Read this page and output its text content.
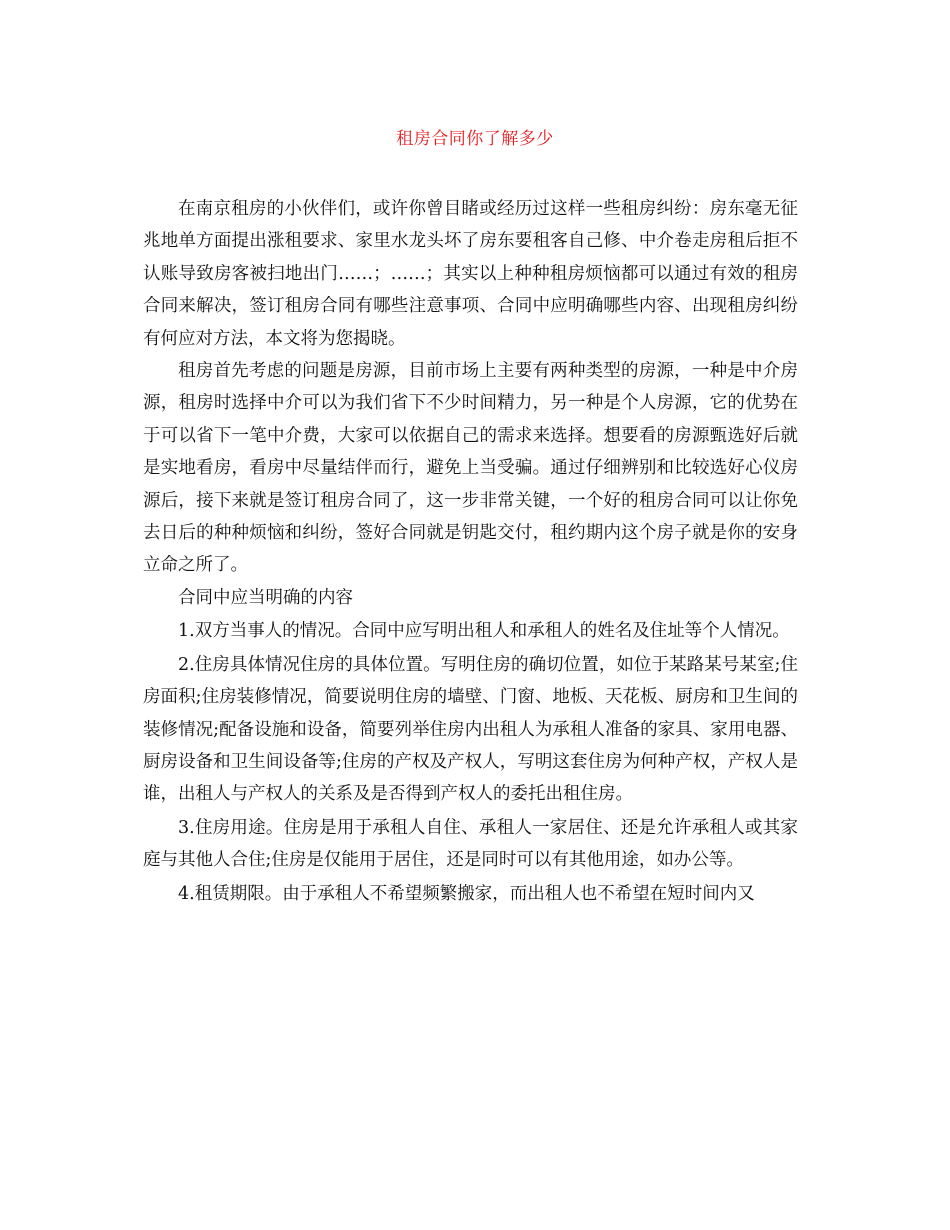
租房合同你了解多少

在南京租房的小伙伴们，或许你曾目睹或经历过这样一些租房纠纷：房东毫无征兆地单方面提出涨租要求、家里水龙头坏了房东要租客自己修、中介卷走房租后拒不认账导致房客被扫地出门……；……；其实以上种种租房烦恼都可以通过有效的租房合同来解决，签订租房合同有哪些注意事项、合同中应明确哪些内容、出现租房纠纷有何应对方法，本文将为您揭晓。

租房首先考虑的问题是房源，目前市场上主要有两种类型的房源，一种是中介房源，租房时选择中介可以为我们省下不少时间精力，另一种是个人房源，它的优势在于可以省下一笔中介费，大家可以依据自己的需求来选择。想要看的房源甄选好后就是实地看房，看房中尽量结伴而行，避免上当受骗。通过仔细辨别和比较选好心仪房源后，接下来就是签订租房合同了，这一步非常关键，一个好的租房合同可以让你免去日后的种种烦恼和纠纷，签好合同就是钥匙交付，租约期内这个房子就是你的安身立命之所了。

合同中应当明确的内容

1.双方当事人的情况。合同中应写明出租人和承租人的姓名及住址等个人情况。

2.住房具体情况住房的具体位置。写明住房的确切位置，如位于某路某号某室;住房面积;住房装修情况，简要说明住房的墙壁、门窗、地板、天花板、厨房和卫生间的装修情况;配备设施和设备，简要列举住房内出租人为承租人准备的家具、家用电器、厨房设备和卫生间设备等;住房的产权及产权人，写明这套住房为何种产权，产权人是谁，出租人与产权人的关系及是否得到产权人的委托出租住房。

3.住房用途。住房是用于承租人自住、承租人一家居住、还是允许承租人或其家庭与其他人合住;住房是仅能用于居住，还是同时可以有其他用途，如办公等。

4.租赁期限。由于承租人不希望频繁搬家，而出租人也不希望在短时间内又
